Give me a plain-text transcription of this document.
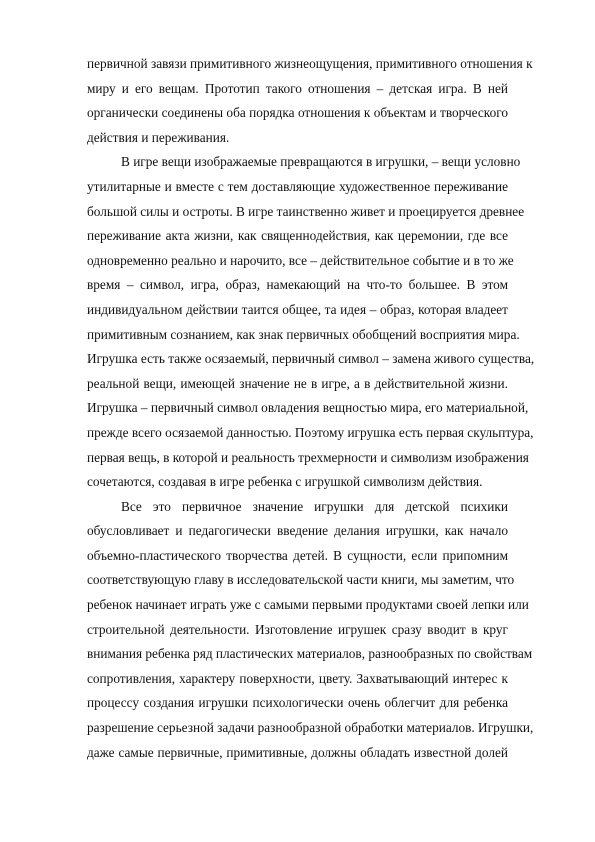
первичной завязи примитивного жизнеощущения, примитивного отношения к
миру и его вещам. Прототип такого отношения – детская игра. В ней
органически соединены оба порядка отношения к объектам и творческого
действия и переживания.
В игре вещи изображаемые превращаются в игрушки, – вещи условно
утилитарные и вместе с тем доставляющие художественное переживание
большой силы и остроты. В игре таинственно живет и проецируется древнее
переживание акта жизни, как священнодействия, как церемонии, где все
одновременно реально и нарочито, все – действительное событие и в то же
время – символ, игра, образ, намекающий на что-то большее. В этом
индивидуальном действии таится общее, та идея – образ, которая владеет
примитивным сознанием, как знак первичных обобщений восприятия мира.
Игрушка есть также осязаемый, первичный символ – замена живого существа,
реальной вещи, имеющей значение не в игре, а в действительной жизни.
Игрушка – первичный символ овладения вещностью мира, его материальной,
прежде всего осязаемой данностью. Поэтому игрушка есть первая скульптура,
первая вещь, в которой и реальность трехмерности и символизм изображения
сочетаются, создавая в игре ребенка с игрушкой символизм действия.
Все это первичное значение игрушки для детской психики
обусловливает и педагогически введение делания игрушки, как начало
объемно-пластического творчества детей. В сущности, если припомним
соответствующую главу в исследовательской части книги, мы заметим, что
ребенок начинает играть уже с самыми первыми продуктами своей лепки или
строительной деятельности. Изготовление игрушек сразу вводит в круг
внимания ребенка ряд пластических материалов, разнообразных по свойствам
сопротивления, характеру поверхности, цвету. Захватывающий интерес к
процессу создания игрушки психологически очень облегчит для ребенка
разрешение серьезной задачи разнообразной обработки материалов. Игрушки,
даже самые первичные, примитивные, должны обладать известной долей
